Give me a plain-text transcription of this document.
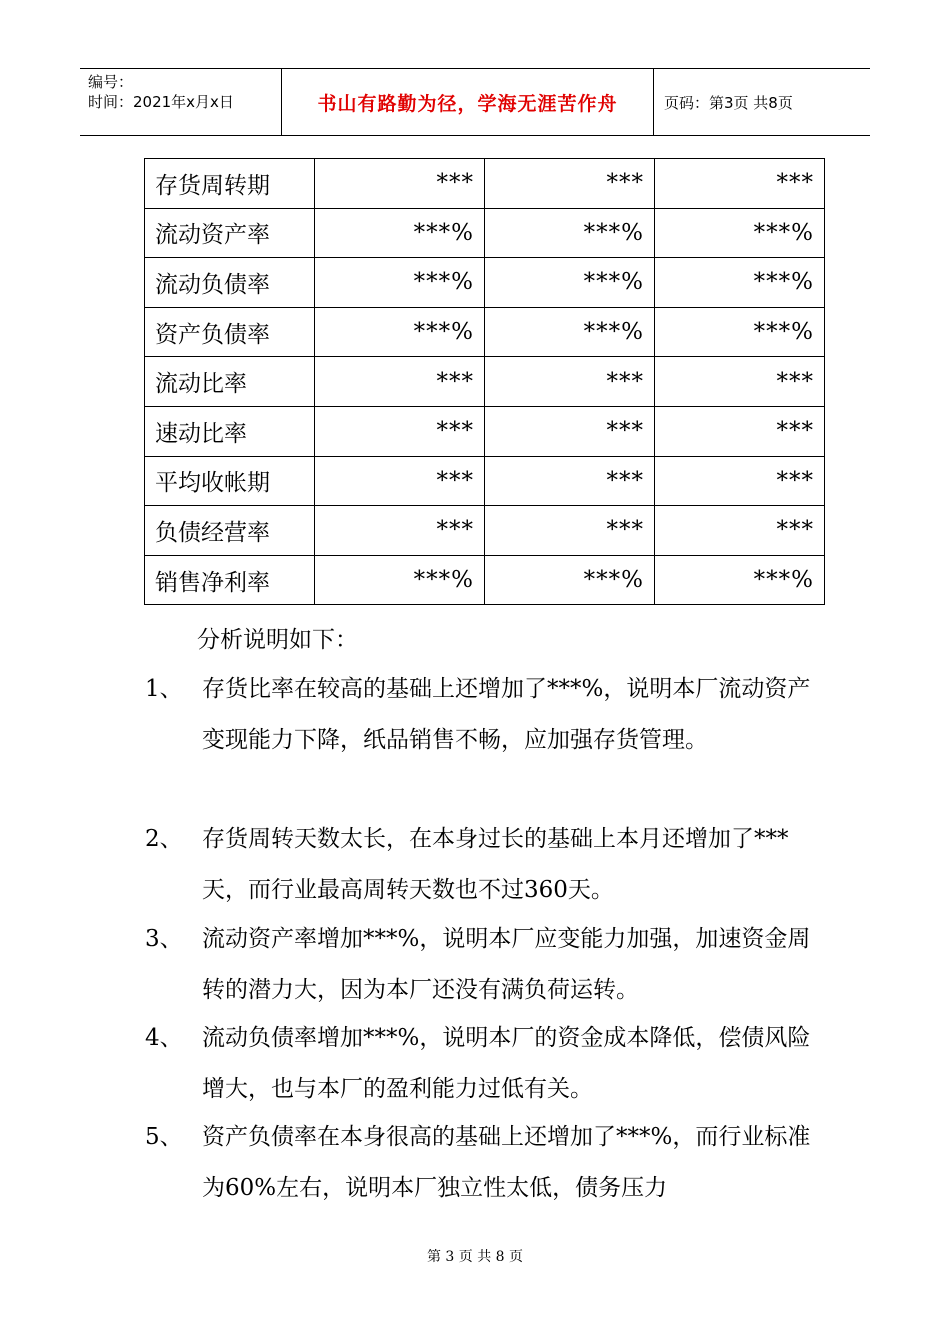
编号：
时间：2021年x月x日	书山有路勤为径，学海无涯苦作舟	页码：第3页 共8页
存货周转期	***	***	***
流动资产率	***%	***%	***%
流动负债率	***%	***%	***%
资产负债率	***%	***%	***%
流动比率	***	***	***
速动比率	***	***	***
平均收帐期	***	***	***
负债经营率	***	***	***
销售净利率	***%	***%	***%
分析说明如下：
1、 存货比率在较高的基础上还增加了***%，说明本厂流动资产变现能力下降，纸品销售不畅，应加强存货管理。
2、 存货周转天数太长，在本身过长的基础上本月还增加了***天，而行业最高周转天数也不过360天。
3、 流动资产率增加***%，说明本厂应变能力加强，加速资金周转的潜力大，因为本厂还没有满负荷运转。
4、 流动负债率增加***%，说明本厂的资金成本降低，偿债风险增大，也与本厂的盈利能力过低有关。
5、 资产负债率在本身很高的基础上还增加了***%，而行业标准为60%左右，说明本厂独立性太低，债务压力
第 3 页 共 8 页
